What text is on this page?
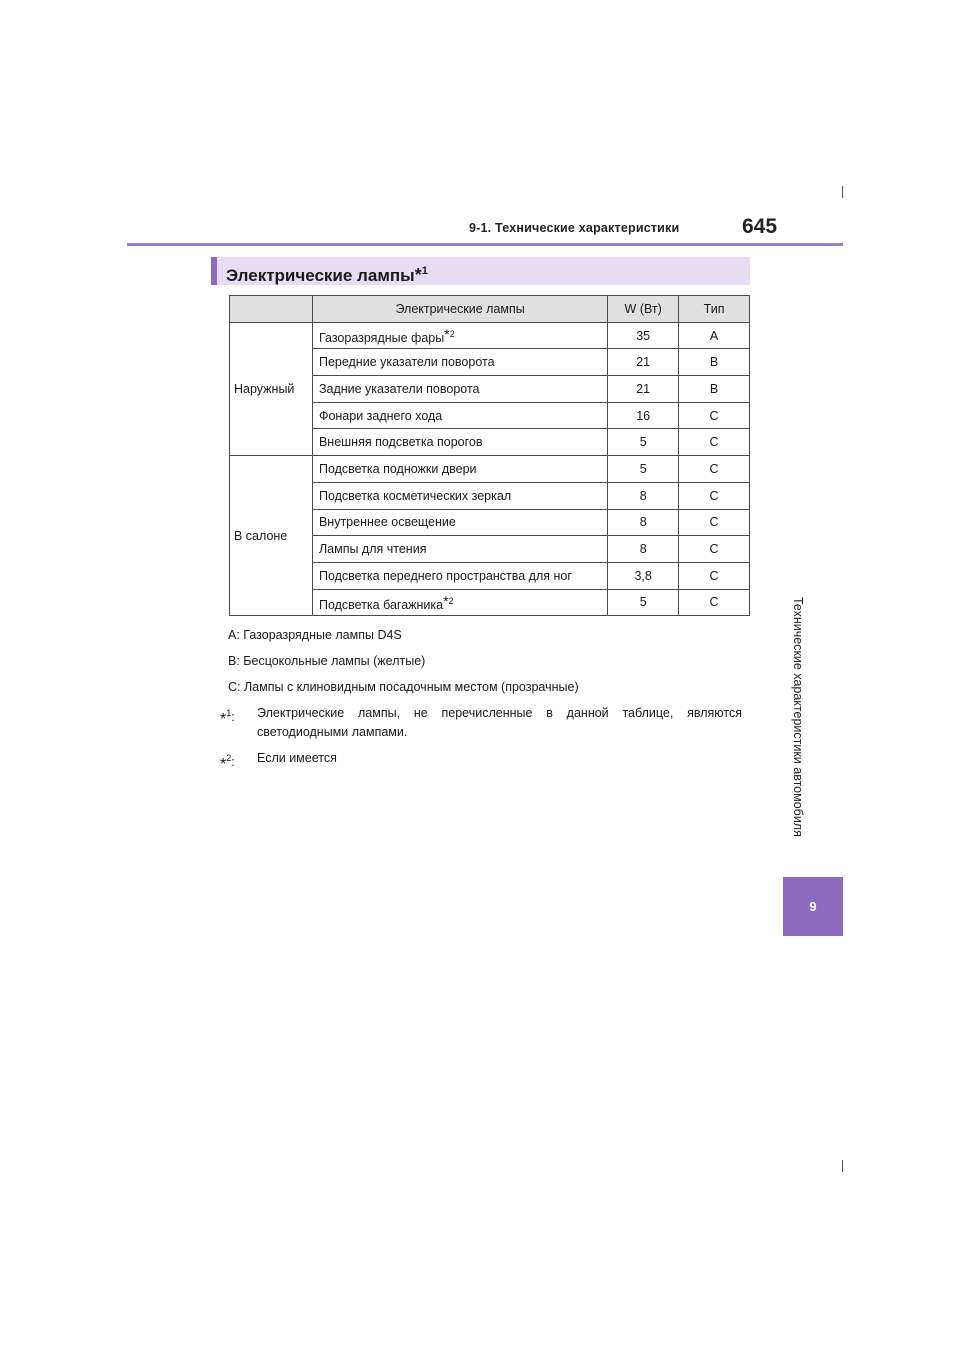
9-1. Технические характеристики	645
Электрические лампы*$^1$
	Электрические лампы	W (Вт)	Тип
Наружный	Газоразрядные фары*$^2$	35	A
	Передние указатели поворота	21	B
	Задние указатели поворота	21	B
	Фонари заднего хода	16	C
	Внешняя подсветка порогов	5	C
В салоне	Подсветка подножки двери	5	C
	Подсветка косметических зеркал	8	C
	Внутреннее освещение	8	C
	Лампы для чтения	8	C
	Подсветка переднего пространства для ног	3,8	C
	Подсветка багажника*$^2$	5	C

A: Газоразрядные лампы D4S

B: Бесцокольные лампы (желтые)

C: Лампы с клиновидным посадочным местом (прозрачные)

*$^1$: Электрические лампы, не перечисленные в данной таблице, являются светодиодными лампами.

*$^2$: Если имеется	Технические характеристики автомобиля
9
